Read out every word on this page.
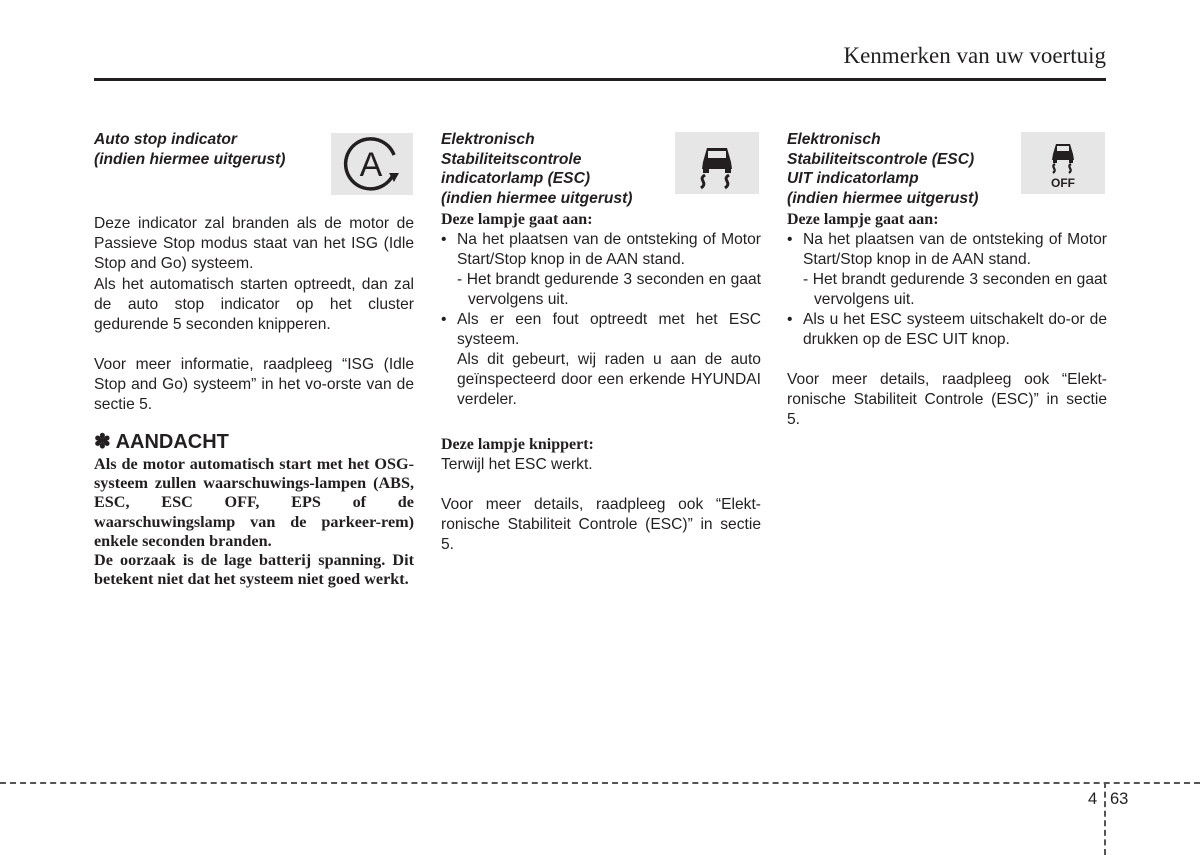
Kenmerken van uw voertuig
Auto stop indicator
(indien hiermee uitgerust)	A

Deze indicator zal branden als de motor de Passieve Stop modus staat van het ISG (Idle Stop and Go) systeem.

Als het automatisch starten optreedt, dan zal de auto stop indicator op het cluster gedurende 5 seconden knipperen.

Voor meer informatie, raadpleeg “ISG (Idle Stop and Go) systeem” in het vo-orste van de sectie 5.

✽ AANDACHT

Als de motor automatisch start met het OSG-systeem zullen waarschuwings-lampen (ABS, ESC, ESC OFF, EPS of de waarschuwingslamp van de parkeer-rem) enkele seconden branden.

De oorzaak is de lage batterij spanning. Dit betekent niet dat het systeem niet goed werkt.

Elektronisch
Stabiliteitscontrole
indicatorlamp (ESC)
(indien hiermee uitgerust)
Deze lampje gaat aan:
• Na het plaatsen van de ontsteking of Motor Start/Stop knop in de AAN stand.
- Het brandt gedurende 3 seconden en gaat vervolgens uit.
• Als er een fout optreedt met het ESC systeem.
Als dit gebeurt, wij raden u aan de auto geïnspecteerd door een erkende HYUNDAI verdeler.
Deze lampje knippert:

Terwijl het ESC werkt.

Voor meer details, raadpleeg ook “Elekt-ronische Stabiliteit Controle (ESC)” in sectie 5.

Elektronisch
Stabiliteitscontrole (ESC)
UIT indicatorlamp
(indien hiermee uitgerust)
OFF
Deze lampje gaat aan:
• Na het plaatsen van de ontsteking of Motor Start/Stop knop in de AAN stand.
- Het brandt gedurende 3 seconden en gaat vervolgens uit.
• Als u het ESC systeem uitschakelt do-or de drukken op de ESC UIT knop.

Voor meer details, raadpleeg ook “Elekt-ronische Stabiliteit Controle (ESC)” in sectie 5.

4 63
